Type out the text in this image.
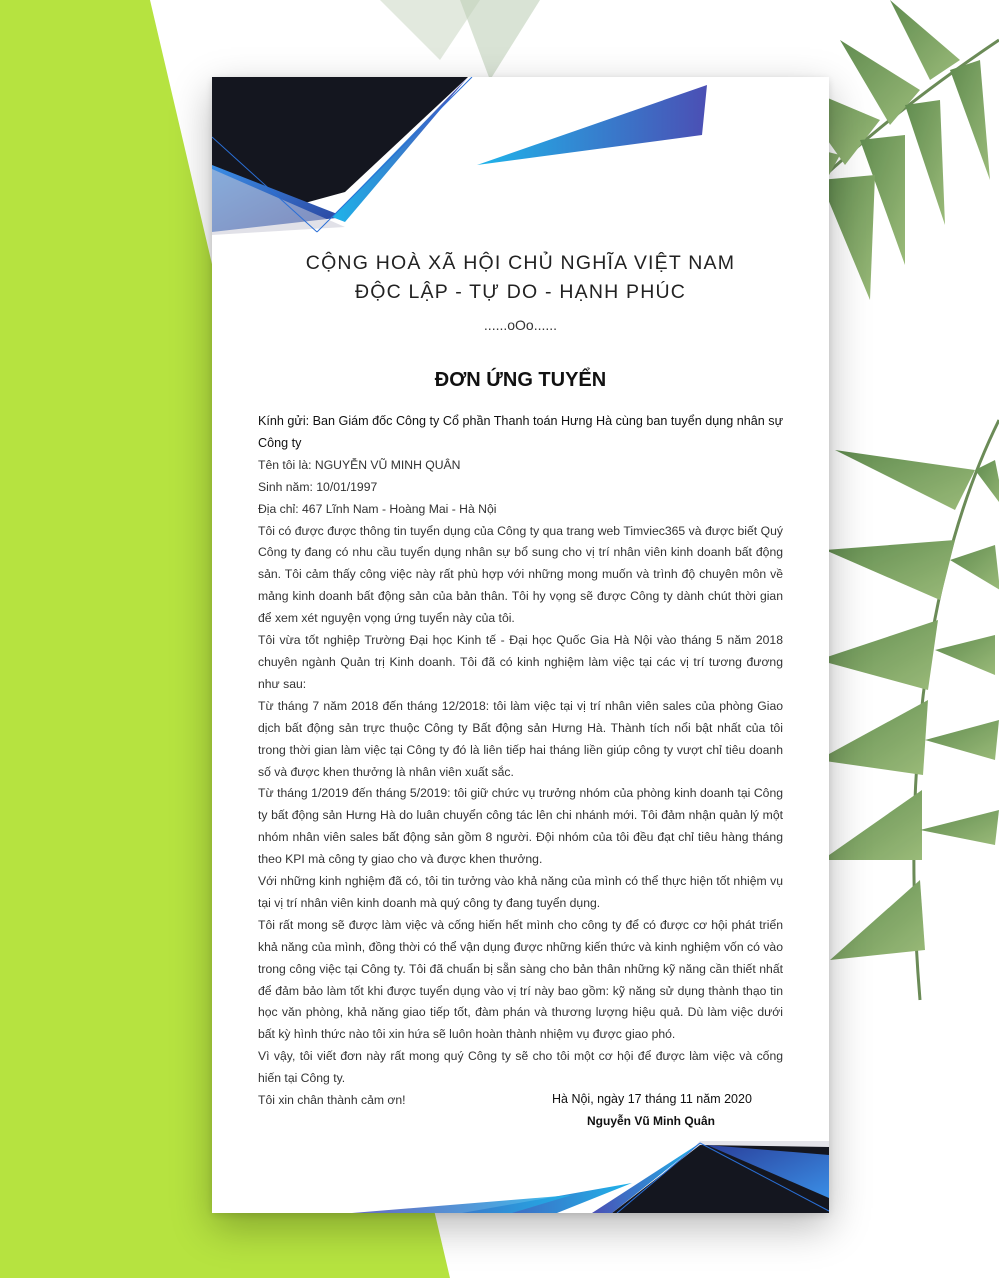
CỘNG HOÀ XÃ HỘI CHỦ NGHĨA VIỆT NAM
ĐỘC LẬP - TỰ DO - HẠNH PHÚC
......oOo......
ĐƠN ỨNG TUYỂN

Kính gửi: Ban Giám đốc Công ty Cổ phần Thanh toán Hưng Hà cùng ban tuyển dụng nhân sự Công ty

Tên tôi là: NGUYỄN VŨ MINH QUÂN

Sinh năm: 10/01/1997

Địa chỉ: 467 Lĩnh Nam - Hoàng Mai - Hà Nội

Tôi có được được thông tin tuyển dụng của Công ty qua trang web Timviec365 và được biết Quý Công ty đang có nhu cầu tuyển dụng nhân sự bổ sung cho vị trí nhân viên kinh doanh bất động sản. Tôi cảm thấy công việc này rất phù hợp với những mong muốn và trình độ chuyên môn về mảng kinh doanh bất động sản của bản thân. Tôi hy vọng sẽ được Công ty dành chút thời gian để xem xét nguyện vọng ứng tuyển này của tôi.

Tôi vừa tốt nghiệp Trường Đại học Kinh tế - Đại học Quốc Gia Hà Nội vào tháng 5 năm 2018 chuyên ngành Quản trị Kinh doanh. Tôi đã có kinh nghiệm làm việc tại các vị trí tương đương như sau:

Từ tháng 7 năm 2018 đến tháng 12/2018: tôi làm việc tại vị trí nhân viên sales của phòng Giao dịch bất động sản trực thuộc Công ty Bất động sản Hưng Hà. Thành tích nổi bật nhất của tôi trong thời gian làm việc tại Công ty đó là liên tiếp hai tháng liền giúp công ty vượt chỉ tiêu doanh số và được khen thưởng là nhân viên xuất sắc.

Từ tháng 1/2019 đến tháng 5/2019: tôi giữ chức vụ trưởng nhóm của phòng kinh doanh tại Công ty bất động sản Hưng Hà do luân chuyển công tác lên chi nhánh mới. Tôi đảm nhận quản lý một nhóm nhân viên sales bất động sản gồm 8 người. Đội nhóm của tôi đều đạt chỉ tiêu hàng tháng theo KPI mà công ty giao cho và được khen thưởng.

Với những kinh nghiệm đã có, tôi tin tưởng vào khả năng của mình có thể thực hiện tốt nhiệm vụ tại vị trí nhân viên kinh doanh mà quý công ty đang tuyển dụng.

Tôi rất mong sẽ được làm việc và cống hiến hết mình cho công ty để có được cơ hội phát triển khả năng của mình, đồng thời có thể vận dụng được những kiến thức và kinh nghiệm vốn có vào trong công việc tại Công ty. Tôi đã chuẩn bị sẵn sàng cho bản thân những kỹ năng cần thiết nhất để đảm bảo làm tốt khi được tuyển dụng vào vị trí này bao gồm: kỹ năng sử dụng thành thạo tin học văn phòng, khả năng giao tiếp tốt, đàm phán và thương lượng hiệu quả. Dù làm việc dưới bất kỳ hình thức nào tôi xin hứa sẽ luôn hoàn thành nhiệm vụ được giao phó.

Vì vậy, tôi viết đơn này rất mong quý Công ty sẽ cho tôi một cơ hội để được làm việc và cống hiến tại Công ty.

Tôi xin chân thành cảm ơn!	Hà Nội, ngày 17 tháng 11 năm 2020
Nguyễn Vũ Minh Quân
